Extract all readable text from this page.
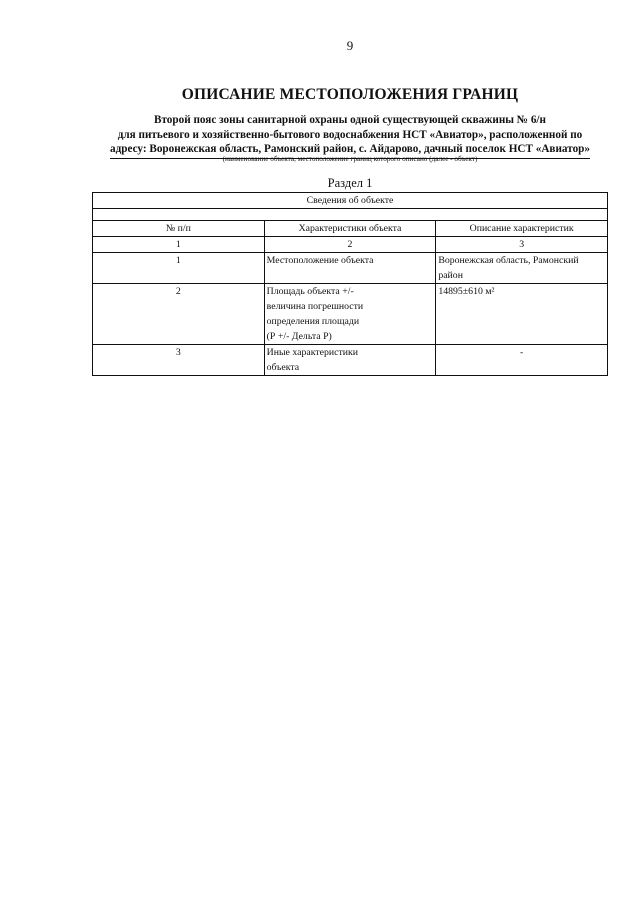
9
ОПИСАНИЕ МЕСТОПОЛОЖЕНИЯ ГРАНИЦ
Второй пояс зоны санитарной охраны одной существующей скважины № 6/н
для питьевого и хозяйственно-бытового водоснабжения НСТ «Авиатор», расположенной по
адресу: Воронежская область, Рамонский район, с. Айдарово, дачный поселок НСТ «Авиатор»
(наименование объекта, местоположение границ которого описано (далее - объект)
Раздел 1
Сведения об объекте		

№ п/п	Характеристики объекта	Описание характеристик
1	2	3
1	Местоположение объекта	Воронежская область, Рамонский район
2	Площадь объекта +/-
величина погрешности
определения площади
(Р +/- Дельта Р)	14895±610 м²
3	Иные характеристики
объекта	-
